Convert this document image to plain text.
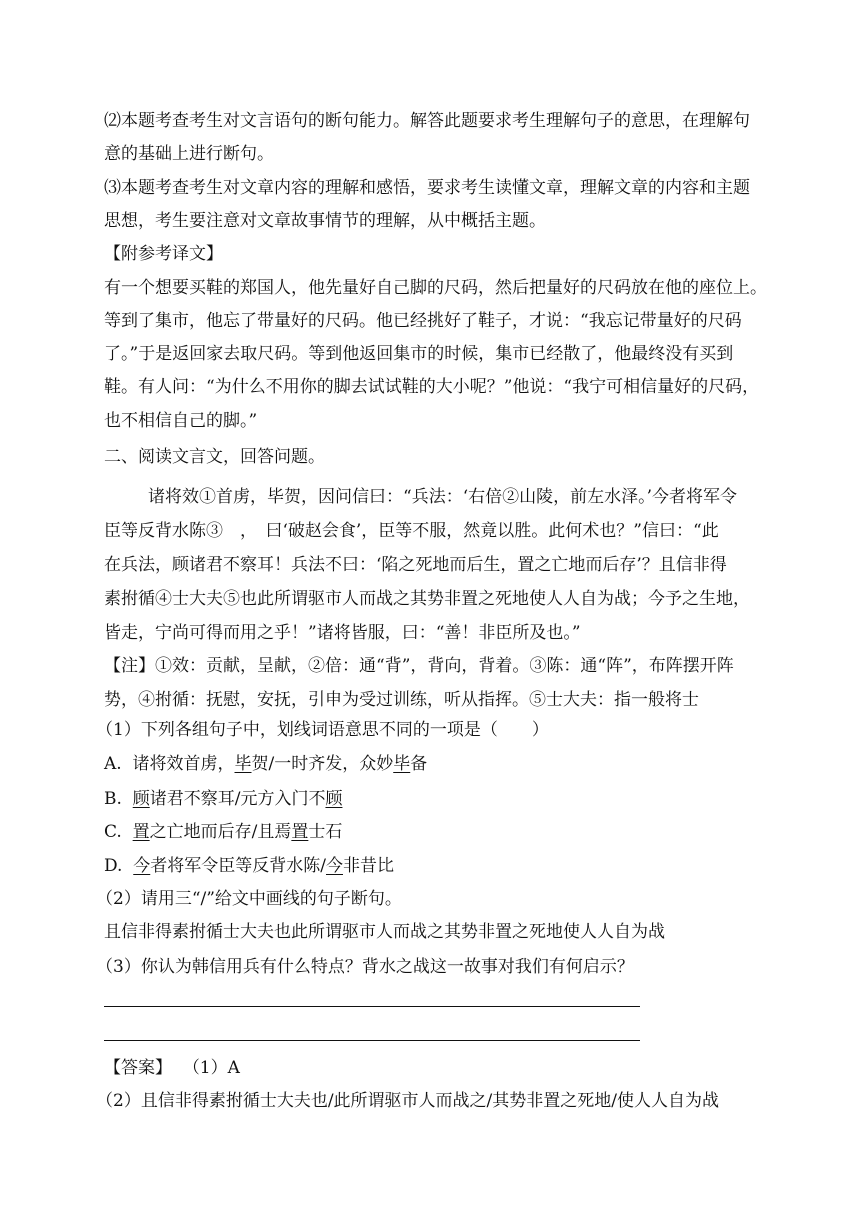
⑵本题考查考生对文言语句的断句能力。解答此题要求考生理解句子的意思，在理解句
意的基础上进行断句。
⑶本题考查考生对文章内容的理解和感悟，要求考生读懂文章，理解文章的内容和主题
思想，考生要注意对文章故事情节的理解，从中概括主题。
【附参考译文】
有一个想要买鞋的郑国人，他先量好自己脚的尺码，然后把量好的尺码放在他的座位上。
等到了集市，他忘了带量好的尺码。他已经挑好了鞋子，才说：“我忘记带量好的尺码
了。”于是返回家去取尺码。等到他返回集市的时候，集市已经散了，他最终没有买到
鞋。有人问：“为什么不用你的脚去试试鞋的大小呢？”他说：“我宁可相信量好的尺码，
也不相信自己的脚。”
二、阅读文言文，回答问题。
诸将效①首虏，毕贺，因问信曰：“兵法：‘右倍②山陵，前左水泽。’今者将军令
臣等反背水陈③　，　曰‘破赵会食’，臣等不服，然竟以胜。此何术也？”信曰：“此
在兵法，顾诸君不察耳！兵法不曰：‘陷之死地而后生，置之亡地而后存’？且信非得
素拊循④士大夫⑤也此所谓驱市人而战之其势非置之死地使人人自为战；今予之生地，
皆走，宁尚可得而用之乎！”诸将皆服，曰：“善！非臣所及也。”
【注】①效：贡献，呈献，②倍：通“背”，背向，背着。③陈：通“阵”，布阵摆开阵
势，④拊循：抚慰，安抚，引申为受过训练，听从指挥。⑤士大夫：指一般将士
（1）下列各组句子中，划线词语意思不同的一项是（　　）
A. 诸将效首虏，毕贺/一时齐发，众妙毕备
B. 顾诸君不察耳/元方入门不顾
C. 置之亡地而后存/且焉置士石
D. 今者将军令臣等反背水陈/今非昔比
（2）请用三“/”给文中画线的句子断句。
且信非得素拊循士大夫也此所谓驱市人而战之其势非置之死地使人人自为战
（3）你认为韩信用兵有什么特点？背水之战这一故事对我们有何启示？
【答案】 （1）A
（2）且信非得素拊循士大夫也/此所谓驱市人而战之/其势非置之死地/使人人自为战
